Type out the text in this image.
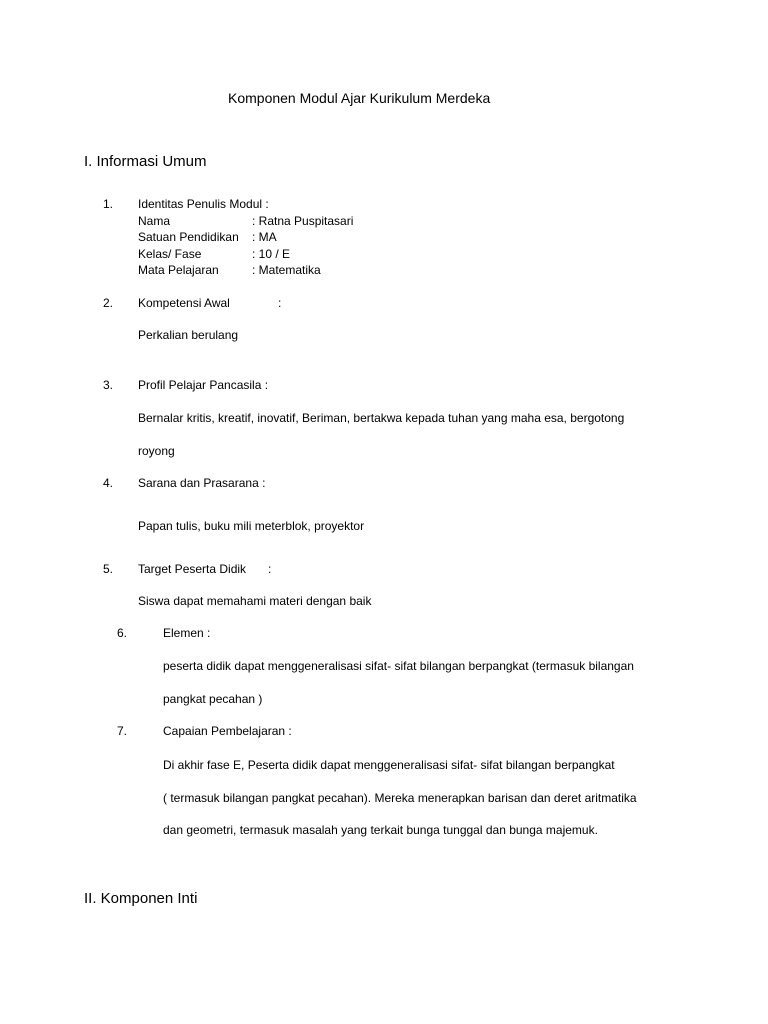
Komponen Modul Ajar Kurikulum Merdeka
I. Informasi Umum
1. Identitas Penulis Modul :
Nama	: Ratna Puspitasari
Satuan Pendidikan : MA
Kelas/ Fase	: 10 / E
Mata Pelajaran	: Matematika
2. Kompetensi Awal	:
Perkalian berulang
3. Profil Pelajar Pancasila :
Bernalar kritis, kreatif, inovatif, Beriman, bertakwa kepada tuhan yang maha esa, bergotong
royong
4. Sarana dan Prasarana :
Papan tulis, buku mili meterblok, proyektor
5. Target Peserta Didik :
Siswa dapat memahami materi dengan baik
6.	Elemen :
peserta didik dapat menggeneralisasi sifat- sifat bilangan berpangkat (termasuk bilangan
pangkat pecahan )
7.	Capaian Pembelajaran :
Di akhir fase E, Peserta didik dapat menggeneralisasi sifat- sifat bilangan berpangkat
( termasuk bilangan pangkat pecahan). Mereka menerapkan barisan dan deret aritmatika
dan geometri, termasuk masalah yang terkait bunga tunggal dan bunga majemuk.
II. Komponen Inti
